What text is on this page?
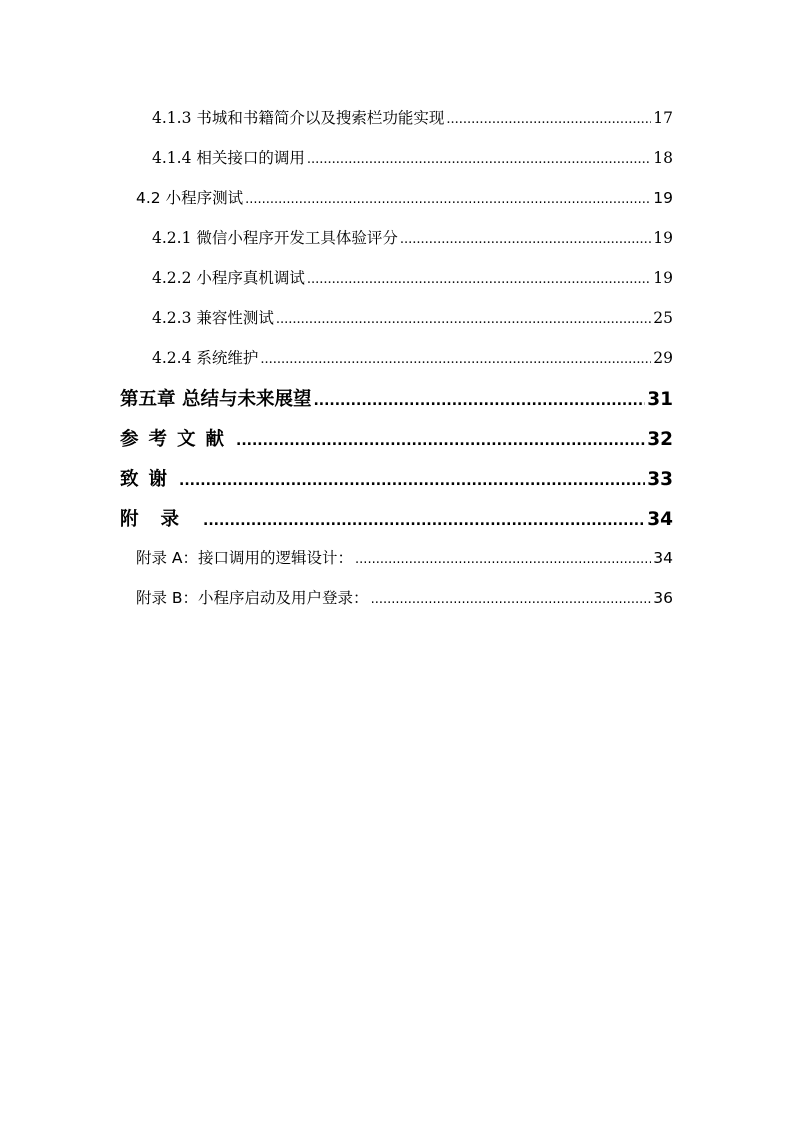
4.1.3 书城和书籍简介以及搜索栏功能实现 .....	17
4.1.4 相关接口的调用 .....	18
4.2 小程序测试 .....	19
4.2.1 微信小程序开发工具体验评分 .....	19
4.2.2 小程序真机调试 .....	19
4.2.3 兼容性测试 .....	25
4.2.4 系统维护 .....	29
第五章 总结与未来展望 .....	31
参考文献 .....	32
致谢 .....	33
附录 .....	34
附录 A：接口调用的逻辑设计： .....	34
附录 B：小程序启动及用户登录： .....	36
